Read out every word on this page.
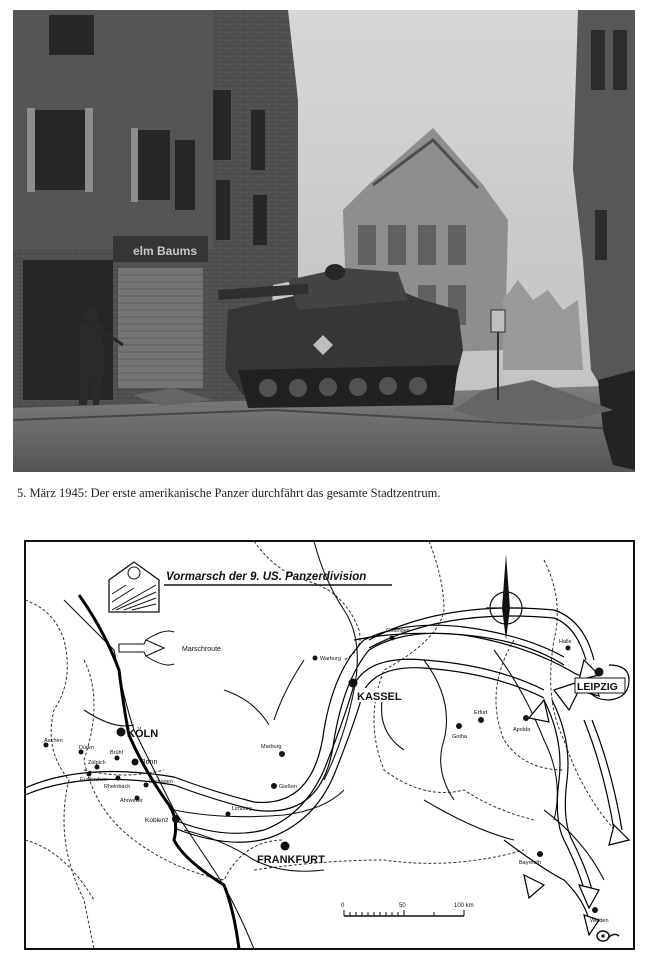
elm Baums
5. März 1945: Der erste amerikanische Panzer durchfährt das gesamte Stadtzentrum.
Vormarsch der 9. US. Panzerdivision
Marschroute
KÖLN
KASSEL
LEIPZIG
FRANKFURT
Aachen
Düren
Zülpich
Euskirchen
Brühl
Bonn
Rheinbach
Remagen
Ahrweiler
Koblenz
Limburg
Gießen
Marburg
Warburg
Göttingen
Halle
Erfurt
Gotha
Apolda
Bayreuth
Weiden
0	50	100 km
